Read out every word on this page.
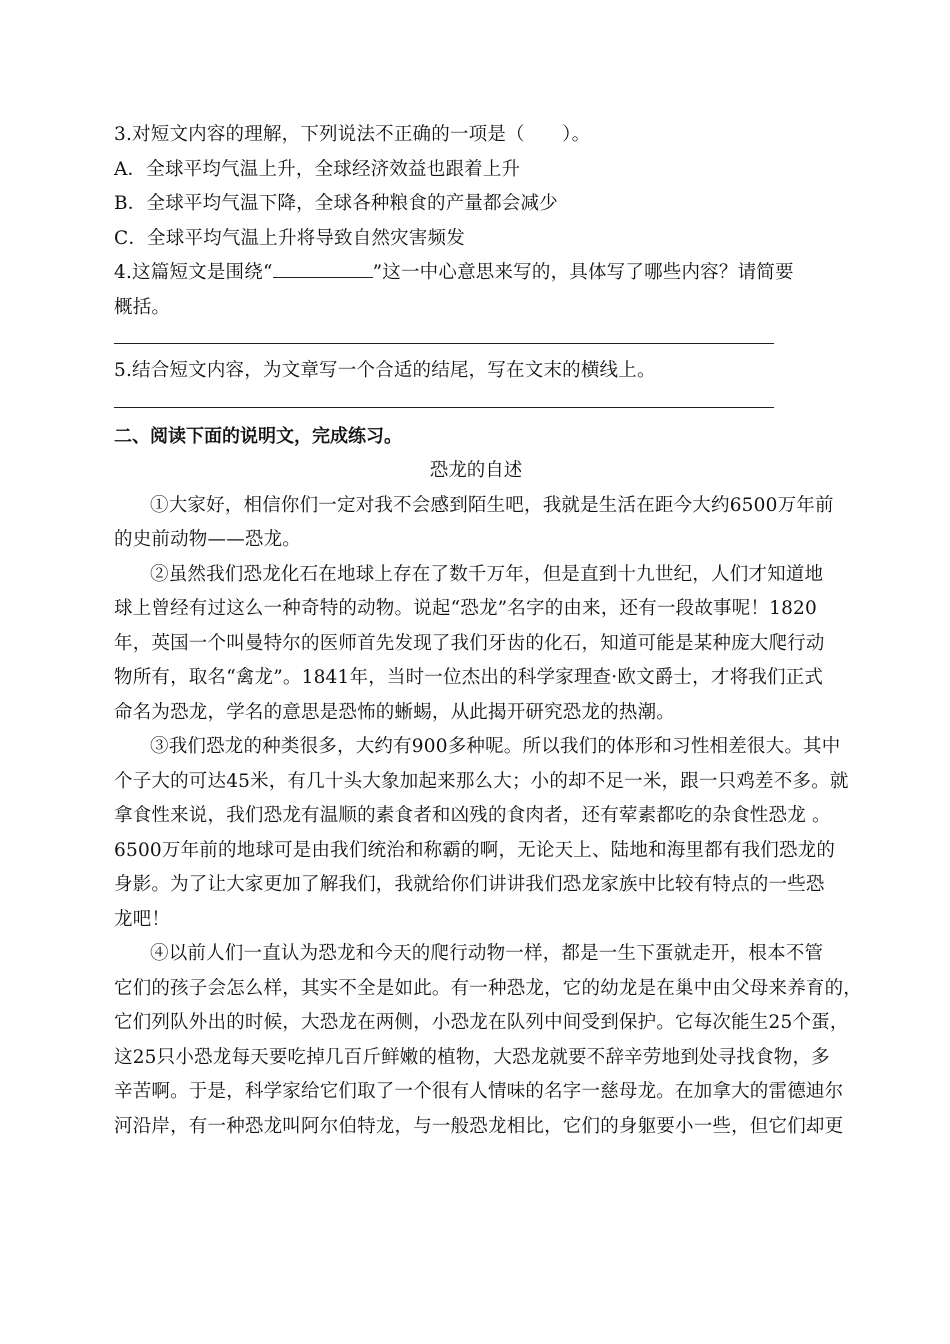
3.对短文内容的理解，下列说法不正确的一项是（　　）。
A．全球平均气温上升，全球经济效益也跟着上升
B．全球平均气温下降，全球各种粮食的产量都会减少
C．全球平均气温上升将导致自然灾害频发
4.这篇短文是围绕“	”这一中心意思来写的，具体写了哪些内容？请简要
概括。
5.结合短文内容，为文章写一个合适的结尾，写在文末的横线上。
二、阅读下面的说明文，完成练习。
恐龙的自述
①大家好，相信你们一定对我不会感到陌生吧，我就是生活在距今大约6500万年前
的史前动物——恐龙。
②虽然我们恐龙化石在地球上存在了数千万年，但是直到十九世纪，人们才知道地
球上曾经有过这么一种奇特的动物。说起“恐龙”名字的由来，还有一段故事呢！1820
年，英国一个叫曼特尔的医师首先发现了我们牙齿的化石，知道可能是某种庞大爬行动
物所有，取名“禽龙”。1841年，当时一位杰出的科学家理查·欧文爵士，才将我们正式
命名为恐龙，学名的意思是恐怖的蜥蜴，从此揭开研究恐龙的热潮。
③我们恐龙的种类很多，大约有900多种呢。所以我们的体形和习性相差很大。其中
个子大的可达45米，有几十头大象加起来那么大；小的却不足一米，跟一只鸡差不多。就
拿食性来说，我们恐龙有温顺的素食者和凶残的食肉者，还有荤素都吃的杂食性恐龙 。
6500万年前的地球可是由我们统治和称霸的啊，无论天上、陆地和海里都有我们恐龙的
身影。为了让大家更加了解我们，我就给你们讲讲我们恐龙家族中比较有特点的一些恐
龙吧！
④以前人们一直认为恐龙和今天的爬行动物一样，都是一生下蛋就走开，根本不管
它们的孩子会怎么样，其实不全是如此。有一种恐龙，它的幼龙是在巢中由父母来养育的，
它们列队外出的时候，大恐龙在两侧，小恐龙在队列中间受到保护。它每次能生25个蛋，
这25只小恐龙每天要吃掉几百斤鲜嫩的植物，大恐龙就要不辞辛劳地到处寻找食物，多
辛苦啊。于是，科学家给它们取了一个很有人情味的名字一慈母龙。在加拿大的雷德迪尔
河沿岸，有一种恐龙叫阿尔伯特龙，与一般恐龙相比，它们的身躯要小一些，但它们却更
